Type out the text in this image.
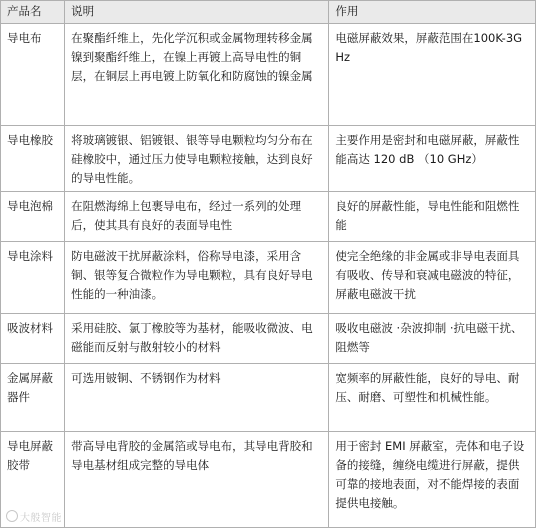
产品名	说明	作用
导电布	在聚酯纤维上，先化学沉积或金属物理转移金属镍到聚酯纤维上，在镍上再镀上高导电性的铜层，在铜层上再电镀上防氧化和防腐蚀的镍金属	电磁屏蔽效果，屏蔽范围在100K-3GHz
导电橡胶	将玻璃镀银、铝镀银、银等导电颗粒均匀分布在硅橡胶中，通过压力使导电颗粒接触，达到良好的导电性能。	主要作用是密封和电磁屏蔽，屏蔽性能高达 120 dB （10 GHz）
导电泡棉	在阻燃海绵上包裹导电布，经过一系列的处理后，使其具有良好的表面导电性	良好的屏蔽性能，导电性能和阻燃性能
导电涂料	防电磁波干扰屏蔽涂料，俗称导电漆，采用含铜、银等复合微粒作为导电颗粒，具有良好导电性能的一种油漆。	使完全绝缘的非金属或非导电表面具有吸收、传导和衰减电磁波的特征，屏蔽电磁波干扰
吸波材料	采用硅胶、氯丁橡胶等为基材，能吸收微波、电磁能而反射与散射较小的材料	吸收电磁波 ·杂波抑制 ·抗电磁干扰、阻燃等
金属屏蔽器件	可选用铍铜、不锈钢作为材料	宽频率的屏蔽性能，良好的导电、耐压、耐磨、可塑性和机械性能。
导电屏蔽胶带	带高导电背胶的金属箔或导电布，其导电背胶和导电基材组成完整的导电体	用于密封 EMI 屏蔽室，壳体和电子设备的接缝，缠绕电缆进行屏蔽，提供可靠的接地表面，对不能焊接的表面提供电接触。
大般智能
